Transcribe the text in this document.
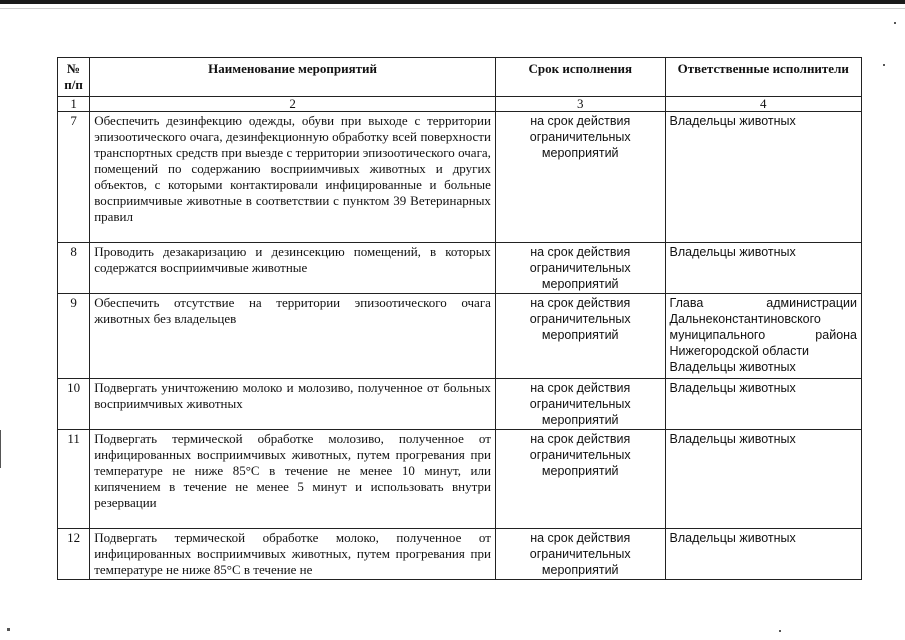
№ п/п	Наименование мероприятий	Срок исполнения	Ответственные исполнители
1	2	3	4
7	Обеспечить дезинфекцию одежды, обуви при выходе с территории эпизоотического очага, дезинфекционную обработку всей поверхности транспортных средств при выезде с территории эпизоотического очага, помещений по содержанию восприимчивых животных и других объектов, с которыми контактировали инфицированные и больные восприимчивые животные в соответствии с пунктом 39 Ветеринарных правил	на срок действия ограничительных мероприятий	Владельцы животных

8	Проводить дезакаризацию и дезинсекцию помещений, в которых содержатся восприимчивые животные	на срок действия ограничительных мероприятий	Владельцы животных

9	Обеспечить отсутствие на территории эпизоотического очага животных без владельцев	на срок действия ограничительных мероприятий	Глава администрации
Дальнеконстантиновского
муниципального района
Нижегородской области
Владельцы животных

10	Подвергать уничтожению молоко и молозиво, полученное от больных восприимчивых животных	на срок действия ограничительных мероприятий	Владельцы животных

11	Подвергать термической обработке молозиво, полученное от инфицированных восприимчивых животных, путем прогревания при температуре не ниже 85°С в течение не менее 10 минут, или кипячением в течение не менее 5 минут и использовать внутри резервации	на срок действия ограничительных мероприятий	Владельцы животных

12	Подвергать термической обработке молоко, полученное от инфицированных восприимчивых животных, путем прогревания при температуре не ниже 85°С в течение не	на срок действия ограничительных мероприятий	Владельцы животных
